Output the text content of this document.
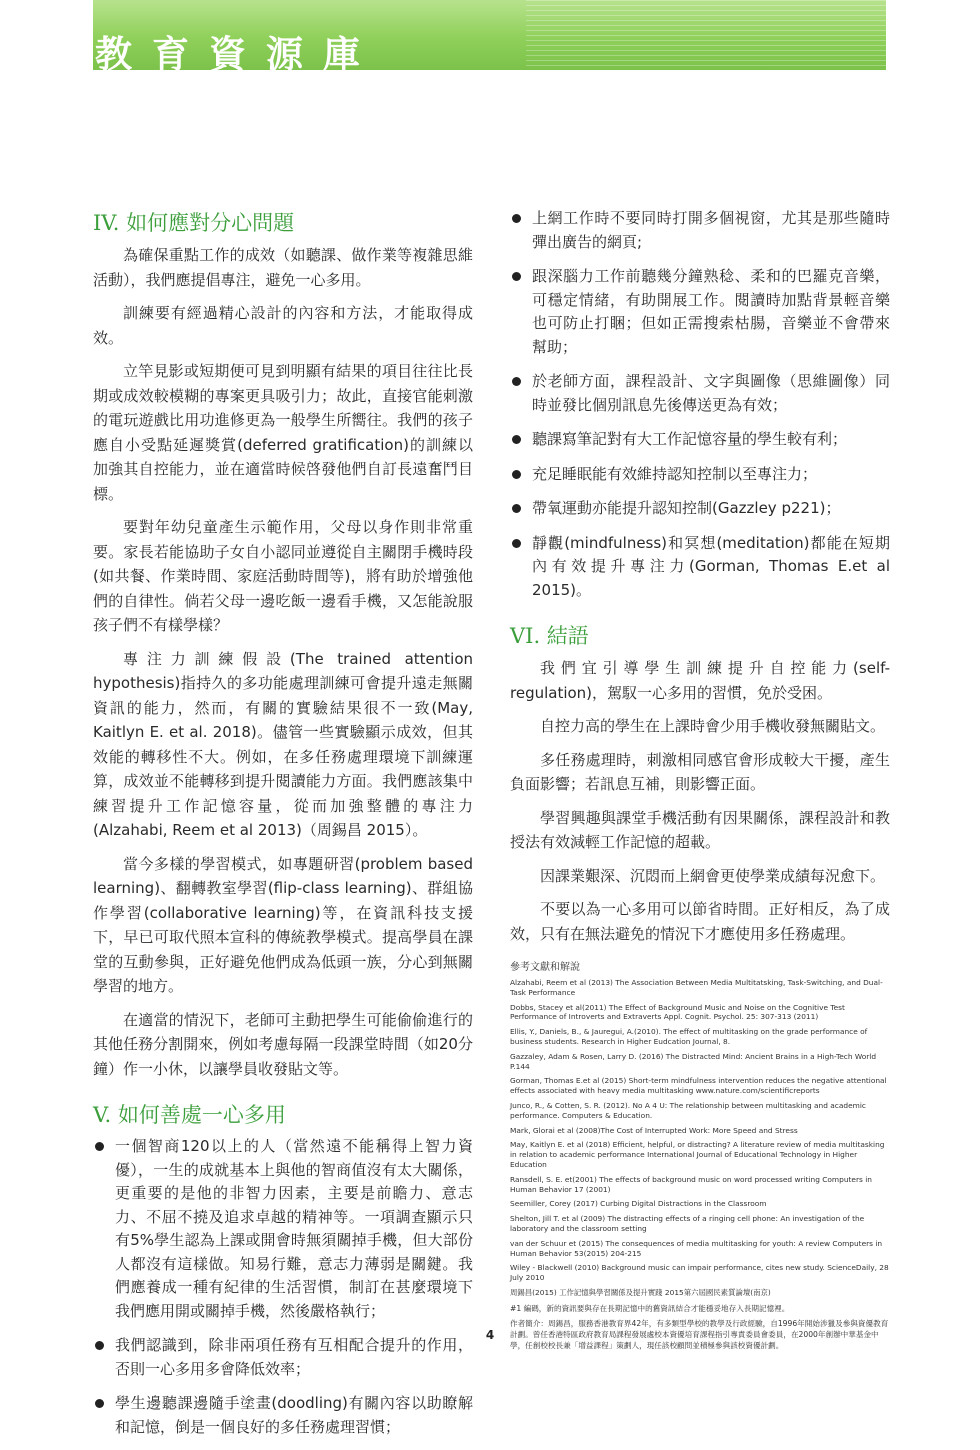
教育資源庫
IV. 如何應對分心問題

為確保重點工作的成效（如聽課、做作業等複雜思維活動），我們應提倡專注，避免一心多用。

訓練要有經過精心設計的內容和方法，才能取得成效。

立竿見影或短期便可見到明顯有結果的項目往往比長期或成效較模糊的專案更具吸引力；故此，直接官能刺激的電玩遊戲比用功進修更為一般學生所嚮往。我們的孩子應自小受點延遲獎賞(deferred gratification)的訓練以加強其自控能力，並在適當時候啓發他們自訂長遠奮鬥目標。

要對年幼兒童產生示範作用，父母以身作則非常重要。家長若能協助子女自小認同並遵從自主關閉手機時段(如共餐、作業時間、家庭活動時間等)，將有助於增強他們的自律性。倘若父母一邊吃飯一邊看手機，又怎能說服孩子們不有樣學樣？

專注力訓練假設(The trained attention hypothesis)指持久的多功能處理訓練可會提升遠走無關資訊的能力，然而，有關的實驗結果很不一致(May, Kaitlyn E. et al. 2018)。儘管一些實驗顯示成效，但其效能的轉移性不大。例如，在多任務處理環境下訓練運算，成效並不能轉移到提升閱讀能力方面。我們應該集中練習提升工作記憶容量，從而加強整體的專注力(Alzahabi, Reem et al 2013)（周錫昌 2015）。

當今多樣的學習模式，如專題研習(problem based learning)、翻轉教室學習(flip-class learning)、群組協作學習(collaborative learning)等，在資訊科技支援下，早已可取代照本宣科的傳統教學模式。提高學員在課堂的互動參與，正好避免他們成為低頭一族，分心到無關學習的地方。

在適當的情況下，老師可主動把學生可能偷偷進行的其他任務分割開來，例如考慮每隔一段課堂時間（如20分鐘）作一小休，以讓學員收發貼文等。

V. 如何善處一心多用
一個智商120以上的人（當然遠不能稱得上智力資優），一生的成就基本上與他的智商值沒有太大關係，更重要的是他的非智力因素，主要是前瞻力、意志力、不屈不撓及追求卓越的精神等。一項調查顯示只有5%學生認為上課或開會時無須關掉手機，但大部份人都沒有這樣做。知易行難，意志力薄弱是關鍵。我們應養成一種有紀律的生活習慣，制訂在甚麼環境下我們應用開或關掉手機，然後嚴格執行；
我們認識到，除非兩項任務有互相配合提升的作用，否則一心多用多會降低效率；
學生邊聽課邊隨手塗畫(doodling)有關內容以助瞭解和記憶，倒是一個良好的多任務處理習慣；
上網工作時不要同時打開多個視窗，尤其是那些隨時彈出廣告的網頁;
跟深腦力工作前聽幾分鐘熟稔、柔和的巴羅克音樂，可穩定情緒，有助開展工作。閱讀時加點背景輕音樂也可防止打睏；但如正需搜索枯腸，音樂並不會帶來幫助；
於老師方面，課程設計、文字與圖像（思維圖像）同時並發比個別訊息先後傳送更為有效；
聽課寫筆記對有大工作記憶容量的學生較有利；
充足睡眠能有效維持認知控制以至專注力；
帶氧運動亦能提升認知控制(Gazzley p221)；
靜觀(mindfulness)和冥想(meditation)都能在短期內有效提升專注力(Gorman, Thomas E.et al 2015)。
VI. 結語

我們宜引導學生訓練提升自控能力(self-regulation)，駕馭一心多用的習慣，免於受困。

自控力高的學生在上課時會少用手機收發無關貼文。

多任務處理時，刺激相同感官會形成較大干擾，產生負面影響；若訊息互補，則影響正面。

學習興趣與課堂手機活動有因果關係，課程設計和教授法有效減輕工作記憶的超載。

因課業艱深、沉悶而上網會更使學業成績每況愈下。

不要以為一心多用可以節省時間。正好相反，為了成效，只有在無法避免的情況下才應使用多任務處理。

參考文獻和解說
Alzahabi, Reem et al (2013) The Association Between Media Multitatsking, Task-Switching, and Dual-Task Performance
Dobbs, Stacey et al(2011) The Effect of Background Music and Noise on the Cognitive Test Performance of Introverts and Extraverts Appl. Cognit. Psychol. 25: 307-313 (2011)
Ellis, Y., Daniels, B., & Jauregui, A.(2010). The effect of multitasking on the grade performance of business students. Research in Higher Eudcation Journal, 8.
Gazzaley, Adam & Rosen, Larry D. (2016) The Distracted Mind: Ancient Brains in a High-Tech World P.144
Gorman, Thomas E.et al (2015) Short-term mindfulness intervention reduces the negative attentional effects associated with heavy media multitasking www.nature.com/scientificreports
Junco, R., & Cotten, S. R. (2012). No A 4 U: The relationship between multitasking and academic performance. Computers & Education.
Mark, Glorai et al (2008)The Cost of Interrupted Work: More Speed and Stress
May, Kaitlyn E. et al (2018) Efficient, helpful, or distracting? A literature review of media multitasking in relation to academic performance International Journal of Educational Technology in Higher Education
Ransdell, S. E. et(2001) The effects of background music on word processed writing Computers in Human Behavior 17 (2001)
Seemiller, Corey (2017) Curbing Digital Distractions in the Classroom
Shelton, Jill T. et al (2009) The distracting effects of a ringing cell phone: An investigation of the laboratory and the classroom setting
van der Schuur et (2015) The consequences of media multitasking for youth: A review Computers in Human Behavior 53(2015) 204-215
Wiley - Blackwell (2010) Background music can impair performance, cites new study. ScienceDaily, 28 July 2010
周錫昌(2015) 工作記憶與學習關係及提升實踐 2015第六屆國民素質論壇(南京)
#1 編碼，新的資訊要與存在長期記憶中的舊資訊結合才能穩妥地存入長期記憶裡。
作者簡介：周錫昌，服務香港教育界42年，有多類型學校的教學及行政經驗，自1996年開始涉獵及參與資優教育計劃。曾任香港特區政府教育局課程發展處校本資優培育課程指引專責委員會委員，在2000年創辦中華基金中學，任創校校長兼「增益課程」策劃人，現任該校顧問並積極參與該校資優計劃。
4
